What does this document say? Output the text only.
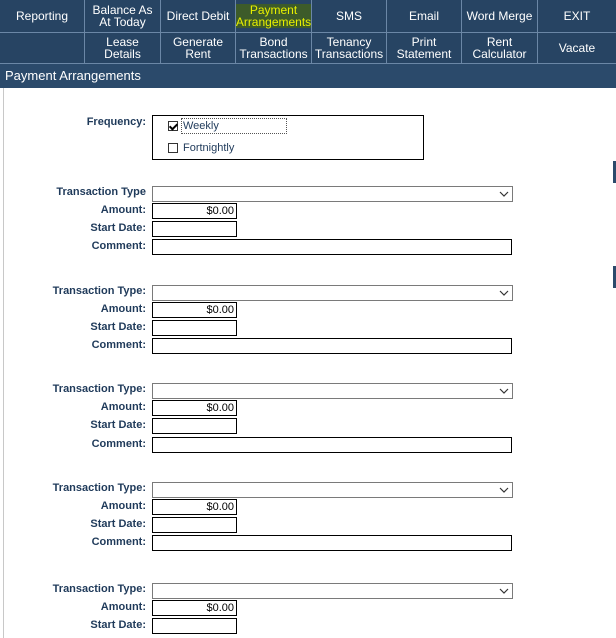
Reporting	Balance As At Today	Direct Debit	Payment Arrangements SMS	Email Word Merge	EXIT
Lease Details
Generate Rent
Bond Transactions
Tenancy Transactions
Print Statement
Rent Calculator	Vacate
Payment Arrangements
Frequency:	Weekly
Fortnightly
Transaction Type
Amount:	$0.00
Start Date:
Comment:
Transaction Type:
Amount:	$0.00
Start Date:
Comment:
Transaction Type:
Amount:	$0.00
Start Date:
Comment:
Transaction Type:
Amount:	$0.00
Start Date:
Comment:
Transaction Type:
Amount:	$0.00
Start Date:
